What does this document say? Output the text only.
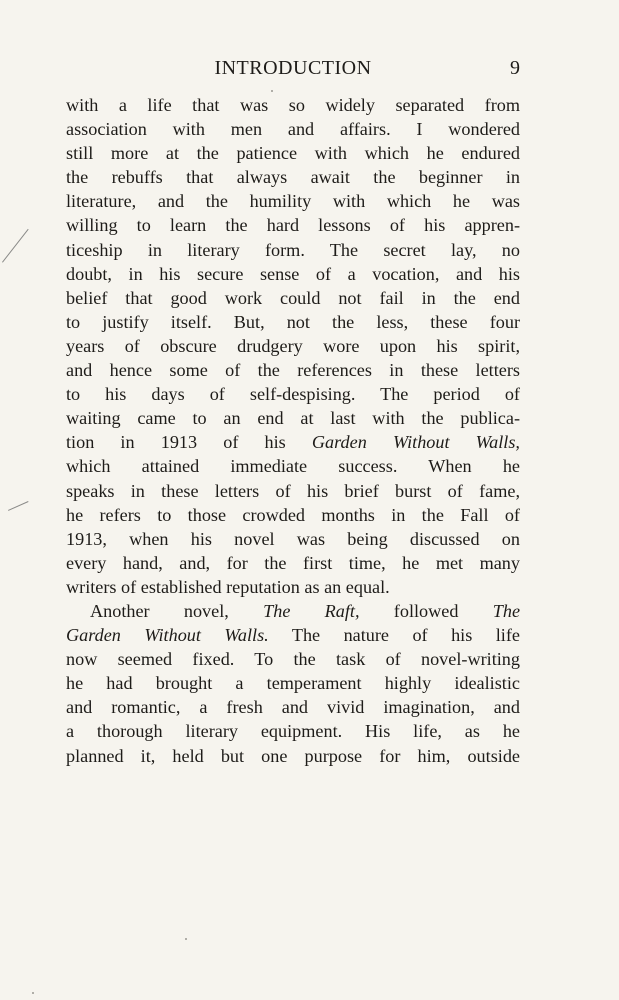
INTRODUCTION	9
with a life that was so widely separated from
association with men and affairs. I wondered
still more at the patience with which he endured
the rebuffs that always await the beginner in
literature, and the humility with which he was
willing to learn the hard lessons of his appren-
ticeship in literary form. The secret lay, no
doubt, in his secure sense of a vocation, and his
belief that good work could not fail in the end
to justify itself. But, not the less, these four
years of obscure drudgery wore upon his spirit,
and hence some of the references in these letters
to his days of self-despising. The period of
waiting came to an end at last with the publica-
tion in 1913 of his Garden Without Walls,
which attained immediate success. When he
speaks in these letters of his brief burst of fame,
he refers to those crowded months in the Fall of
1913, when his novel was being discussed on
every hand, and, for the first time, he met many
writers of established reputation as an equal.
Another novel, The Raft, followed The
Garden Without Walls. The nature of his life
now seemed fixed. To the task of novel-writing
he had brought a temperament highly idealistic
and romantic, a fresh and vivid imagination, and
a thorough literary equipment. His life, as he
planned it, held but one purpose for him, outside
